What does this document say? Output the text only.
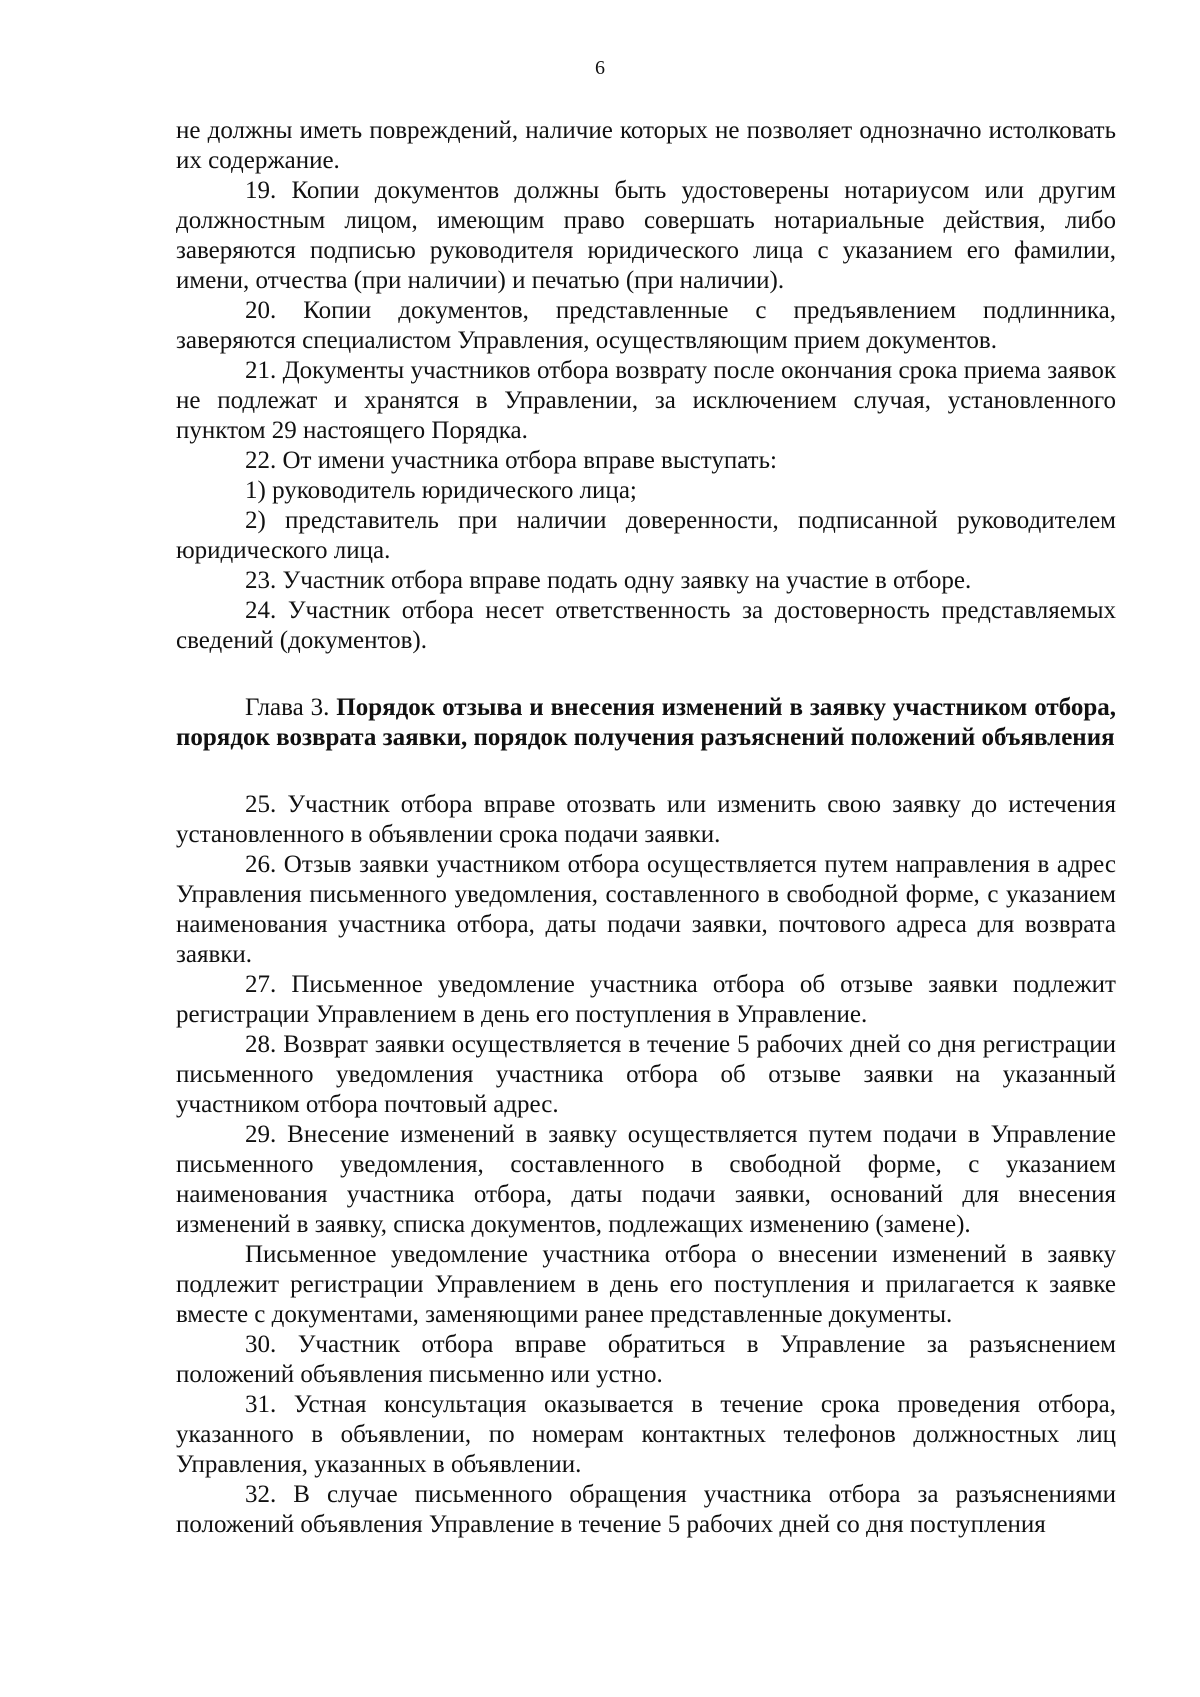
6

не должны иметь повреждений, наличие которых не позволяет однозначно истолковать их содержание.

19. Копии документов должны быть удостоверены нотариусом или другим должностным лицом, имеющим право совершать нотариальные действия, либо заверяются подписью руководителя юридического лица с указанием его фамилии, имени, отчества (при наличии) и печатью (при наличии).

20. Копии документов, представленные с предъявлением подлинника, заверяются специалистом Управления, осуществляющим прием документов.

21. Документы участников отбора возврату после окончания срока приема заявок не подлежат и хранятся в Управлении, за исключением случая, установленного пунктом 29 настоящего Порядка.

22. От имени участника отбора вправе выступать:

1) руководитель юридического лица;

2) представитель при наличии доверенности, подписанной руководителем юридического лица.

23. Участник отбора вправе подать одну заявку на участие в отборе.

24. Участник отбора несет ответственность за достоверность представляемых сведений (документов).

Глава 3. Порядок отзыва и внесения изменений в заявку участником отбора, порядок возврата заявки, порядок получения разъяснений положений объявления

25. Участник отбора вправе отозвать или изменить свою заявку до истечения установленного в объявлении срока подачи заявки.

26. Отзыв заявки участником отбора осуществляется путем направления в адрес Управления письменного уведомления, составленного в свободной форме, с указанием наименования участника отбора, даты подачи заявки, почтового адреса для возврата заявки.

27. Письменное уведомление участника отбора об отзыве заявки подлежит регистрации Управлением в день его поступления в Управление.

28. Возврат заявки осуществляется в течение 5 рабочих дней со дня регистрации письменного уведомления участника отбора об отзыве заявки на указанный участником отбора почтовый адрес.

29. Внесение изменений в заявку осуществляется путем подачи в Управление письменного уведомления, составленного в свободной форме, с указанием наименования участника отбора, даты подачи заявки, оснований для внесения изменений в заявку, списка документов, подлежащих изменению (замене).

Письменное уведомление участника отбора о внесении изменений в заявку подлежит регистрации Управлением в день его поступления и прилагается к заявке вместе с документами, заменяющими ранее представленные документы.

30. Участник отбора вправе обратиться в Управление за разъяснением положений объявления письменно или устно.

31. Устная консультация оказывается в течение срока проведения отбора, указанного в объявлении, по номерам контактных телефонов должностных лиц Управления, указанных в объявлении.

32. В случае письменного обращения участника отбора за разъяснениями положений объявления Управление в течение 5 рабочих дней со дня поступления
